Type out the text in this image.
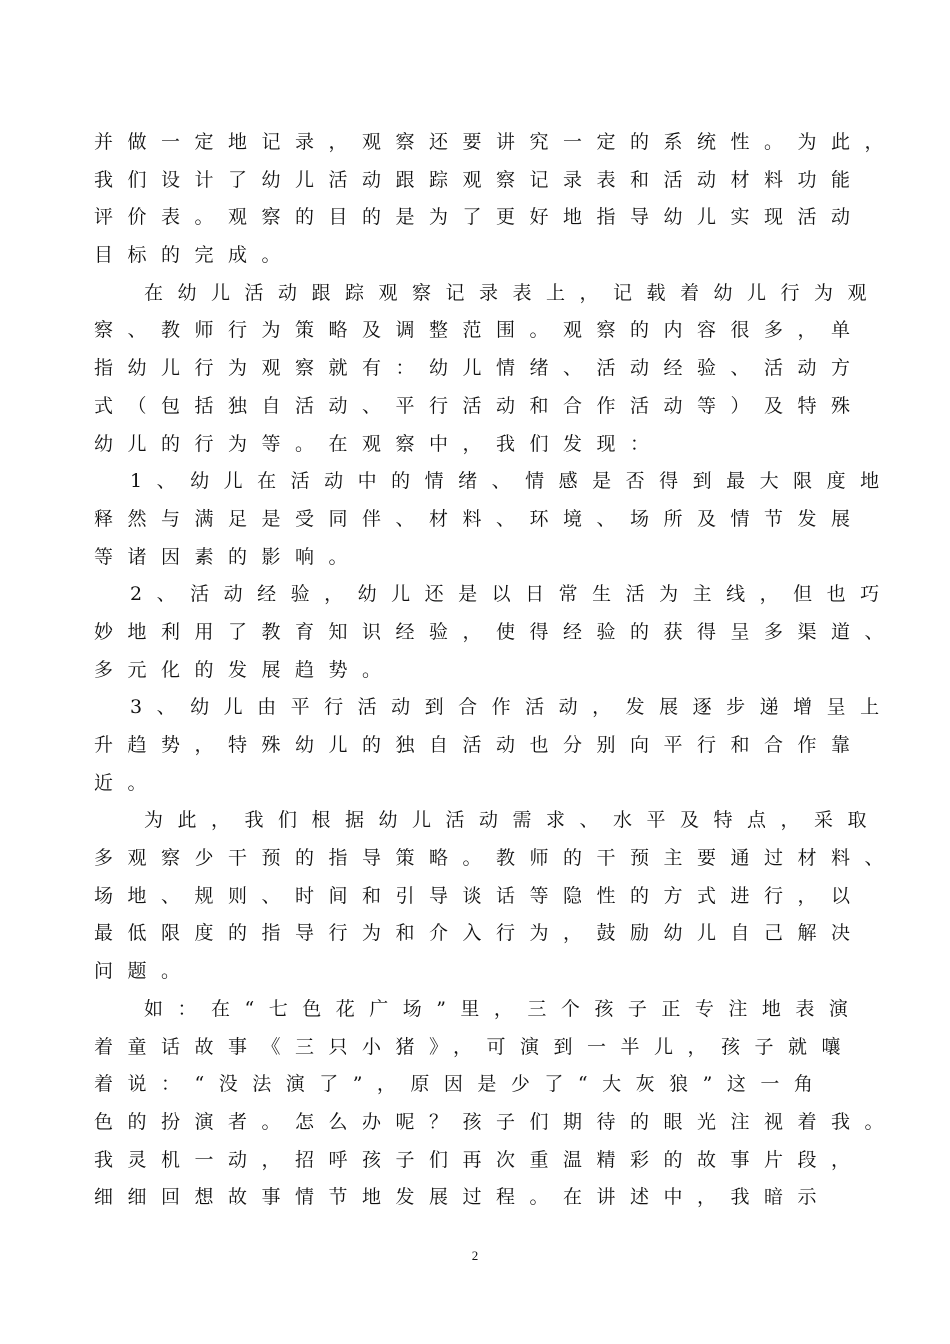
并做一定地记录，观察还要讲究一定的系统性。为此，
我们设计了幼儿活动跟踪观察记录表和活动材料功能
评价表。观察的目的是为了更好地指导幼儿实现活动
目标的完成。
在幼儿活动跟踪观察记录表上，记载着幼儿行为观
察、教师行为策略及调整范围。观察的内容很多，单
指幼儿行为观察就有：幼儿情绪、活动经验、活动方
式（包括独自活动、平行活动和合作活动等）及特殊
幼儿的行为等。在观察中，我们发现：
1、幼儿在活动中的情绪、情感是否得到最大限度地
释然与满足是受同伴、材料、环境、场所及情节发展
等诸因素的影响。
2、活动经验，幼儿还是以日常生活为主线，但也巧
妙地利用了教育知识经验，使得经验的获得呈多渠道、
多元化的发展趋势。
3、幼儿由平行活动到合作活动，发展逐步递增呈上
升趋势，特殊幼儿的独自活动也分别向平行和合作靠
近。
为此，我们根据幼儿活动需求、水平及特点，采取
多观察少干预的指导策略。教师的干预主要通过材料、
场地、规则、时间和引导谈话等隐性的方式进行，以
最低限度的指导行为和介入行为，鼓励幼儿自己解决
问题。
如：在“七色花广场”里，三个孩子正专注地表演
着童话故事《三只小猪》，可演到一半儿，孩子就嚷
着说：“没法演了”，原因是少了“大灰狼”这一角
色的扮演者。怎么办呢？孩子们期待的眼光注视着我。
我灵机一动，招呼孩子们再次重温精彩的故事片段，
细细回想故事情节地发展过程。在讲述中，我暗示
2
